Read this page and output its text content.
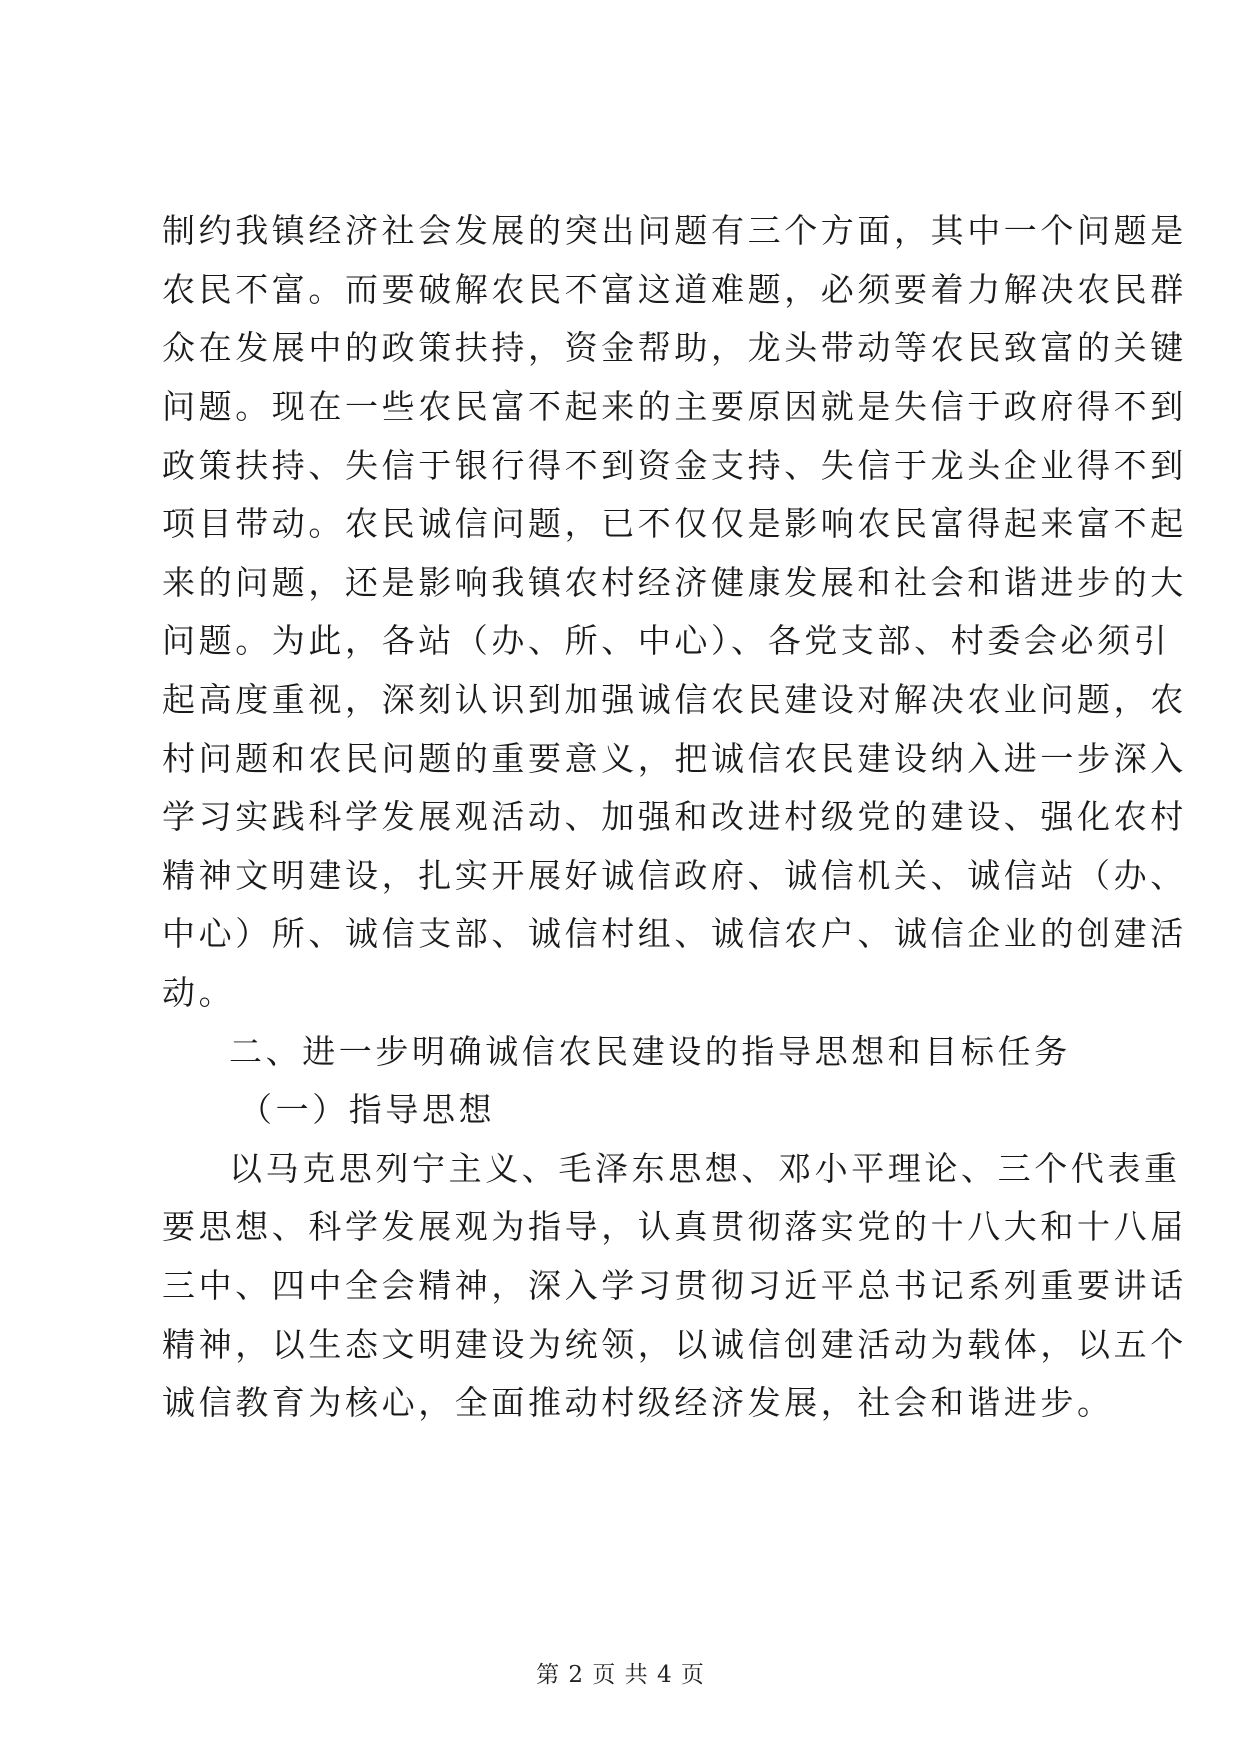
制约我镇经济社会发展的突出问题有三个方面，其中一个问题是
农民不富。而要破解农民不富这道难题，必须要着力解决农民群
众在发展中的政策扶持，资金帮助，龙头带动等农民致富的关键
问题。现在一些农民富不起来的主要原因就是失信于政府得不到
政策扶持、失信于银行得不到资金支持、失信于龙头企业得不到
项目带动。农民诚信问题，已不仅仅是影响农民富得起来富不起
来的问题，还是影响我镇农村经济健康发展和社会和谐进步的大
问题。为此，各站（办、所、中心）、各党支部、村委会必须引
起高度重视，深刻认识到加强诚信农民建设对解决农业问题，农
村问题和农民问题的重要意义，把诚信农民建设纳入进一步深入
学习实践科学发展观活动、加强和改进村级党的建设、强化农村
精神文明建设，扎实开展好诚信政府、诚信机关、诚信站（办、
中心）所、诚信支部、诚信村组、诚信农户、诚信企业的创建活
动。
二、进一步明确诚信农民建设的指导思想和目标任务
（一）指导思想
以马克思列宁主义、毛泽东思想、邓小平理论、三个代表重
要思想、科学发展观为指导，认真贯彻落实党的十八大和十八届
三中、四中全会精神，深入学习贯彻习近平总书记系列重要讲话
精神，以生态文明建设为统领，以诚信创建活动为载体，以五个
诚信教育为核心，全面推动村级经济发展，社会和谐进步。
第 2 页 共 4 页
